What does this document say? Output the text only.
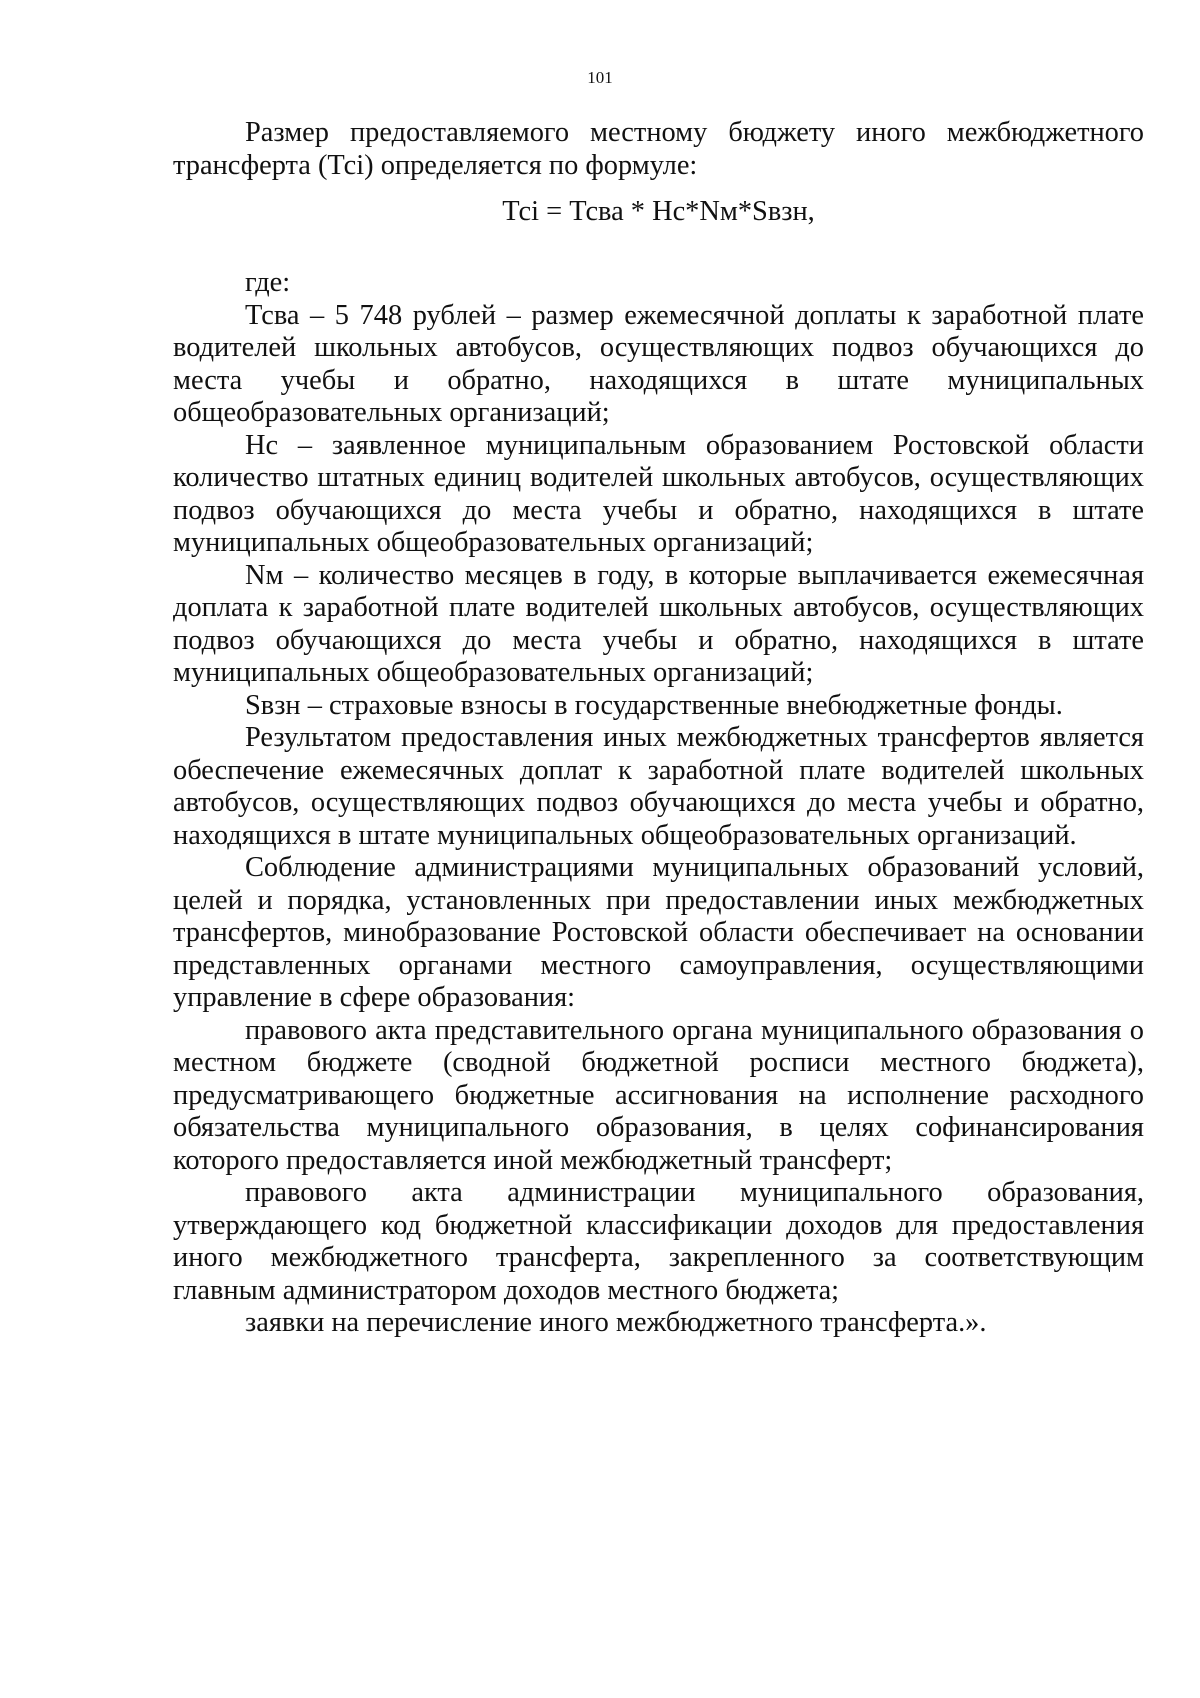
101

Размер предоставляемого местному бюджету иного межбюджетного трансферта (Тсi) определяется по формуле:

Тсi = Тсва * Нс*Nм*Sвзн,

где:

Тсва – 5 748 рублей – размер ежемесячной доплаты к заработной плате водителей школьных автобусов, осуществляющих подвоз обучающихся до места учебы и обратно, находящихся в штате муниципальных общеобразовательных организаций;

Нс – заявленное муниципальным образованием Ростовской области количество штатных единиц водителей школьных автобусов, осуществляющих подвоз обучающихся до места учебы и обратно, находящихся в штате муниципальных общеобразовательных организаций;

Nм – количество месяцев в году, в которые выплачивается ежемесячная доплата к заработной плате водителей школьных автобусов, осуществляющих подвоз обучающихся до места учебы и обратно, находящихся в штате муниципальных общеобразовательных организаций;

Sвзн – страховые взносы в государственные внебюджетные фонды.

Результатом предоставления иных межбюджетных трансфертов является обеспечение ежемесячных доплат к заработной плате водителей школьных автобусов, осуществляющих подвоз обучающихся до места учебы и обратно, находящихся в штате муниципальных общеобразовательных организаций.

Соблюдение администрациями муниципальных образований условий, целей и порядка, установленных при предоставлении иных межбюджетных трансфертов, минобразование Ростовской области обеспечивает на основании представленных органами местного самоуправления, осуществляющими управление в сфере образования:

правового акта представительного органа муниципального образования о местном бюджете (сводной бюджетной росписи местного бюджета), предусматривающего бюджетные ассигнования на исполнение расходного обязательства муниципального образования, в целях софинансирования которого предоставляется иной межбюджетный трансферт;

правового акта администрации муниципального образования, утверждающего код бюджетной классификации доходов для предоставления иного межбюджетного трансферта, закрепленного за соответствующим главным администратором доходов местного бюджета;

заявки на перечисление иного межбюджетного трансферта.».
